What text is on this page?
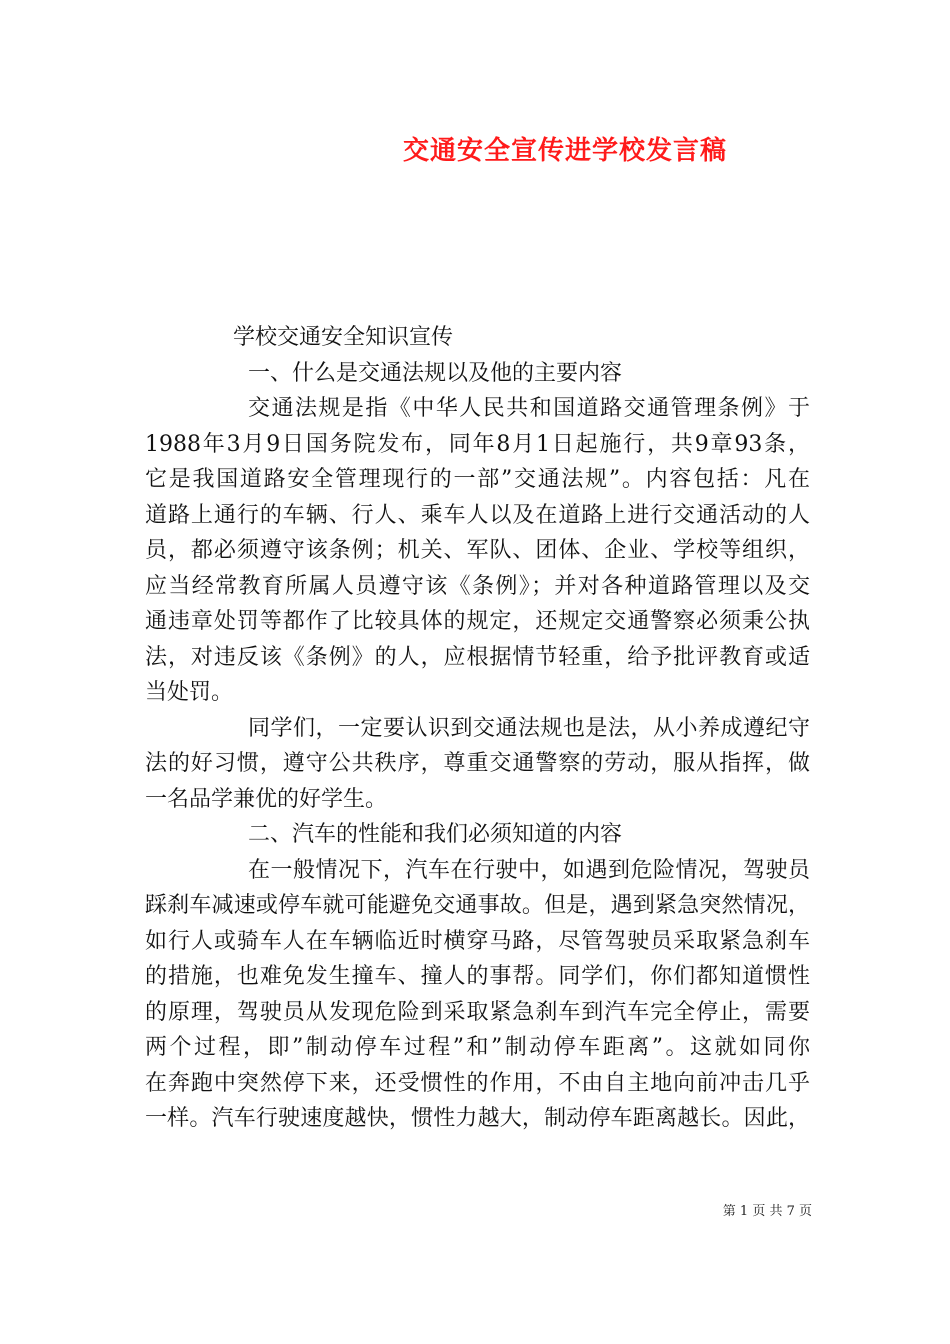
交通安全宣传进学校发言稿
学校交通安全知识宣传
一、什么是交通法规以及他的主要内容
交通法规是指《中华人民共和国道路交通管理条例》于
1988年3月9日国务院发布，同年8月1日起施行，共9章93条，
它是我国道路安全管理现行的一部”交通法规”。内容包括：凡在
道路上通行的车辆、行人、乘车人以及在道路上进行交通活动的人
员，都必须遵守该条例；机关、军队、团体、企业、学校等组织，
应当经常教育所属人员遵守该《条例》；并对各种道路管理以及交
通违章处罚等都作了比较具体的规定，还规定交通警察必须秉公执
法，对违反该《条例》的人，应根据情节轻重，给予批评教育或适
当处罚。
同学们，一定要认识到交通法规也是法，从小养成遵纪守
法的好习惯，遵守公共秩序，尊重交通警察的劳动，服从指挥，做
一名品学兼优的好学生。
二、汽车的性能和我们必须知道的内容
在一般情况下，汽车在行驶中，如遇到危险情况，驾驶员
踩刹车减速或停车就可能避免交通事故。但是，遇到紧急突然情况，
如行人或骑车人在车辆临近时横穿马路，尽管驾驶员采取紧急刹车
的措施，也难免发生撞车、撞人的事帮。同学们，你们都知道惯性
的原理，驾驶员从发现危险到采取紧急刹车到汽车完全停止，需要
两个过程，即”制动停车过程”和”制动停车距离”。这就如同你
在奔跑中突然停下来，还受惯性的作用，不由自主地向前冲击几乎
一样。汽车行驶速度越快，惯性力越大，制动停车距离越长。因此，
第 1 页 共 7 页
